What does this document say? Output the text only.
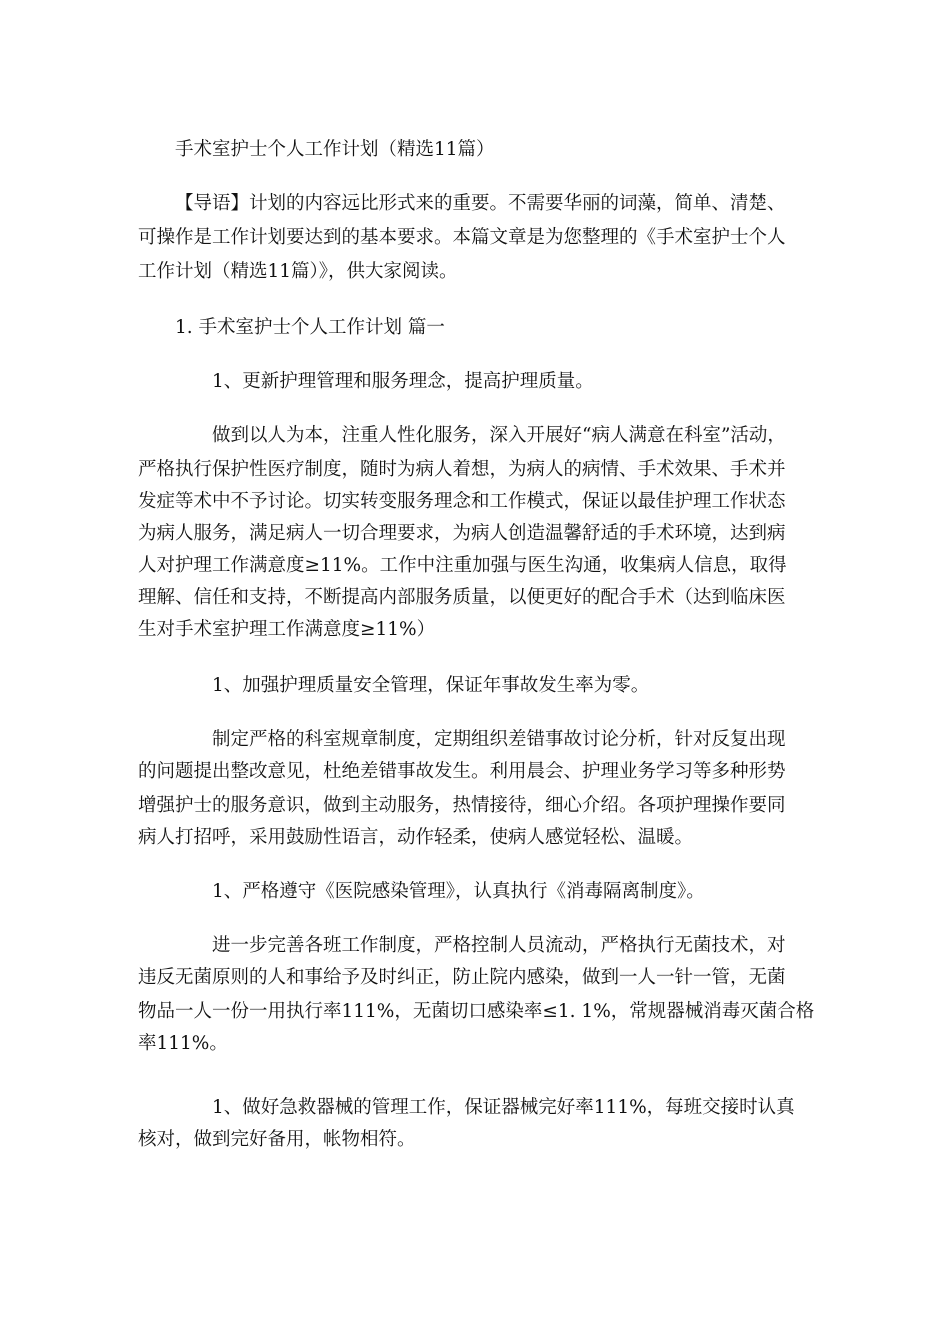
手术室护士个人工作计划（精选11篇）
【导语】计划的内容远比形式来的重要。不需要华丽的词藻，简单、清楚、
可操作是工作计划要达到的基本要求。本篇文章是为您整理的《手术室护士个人
工作计划（精选11篇）》，供大家阅读。
1. 手术室护士个人工作计划 篇一
1、更新护理管理和服务理念，提高护理质量。
做到以人为本，注重人性化服务，深入开展好“病人满意在科室”活动，
严格执行保护性医疗制度，随时为病人着想，为病人的病情、手术效果、手术并
发症等术中不予讨论。切实转变服务理念和工作模式，保证以最佳护理工作状态
为病人服务，满足病人一切合理要求，为病人创造温馨舒适的手术环境，达到病
人对护理工作满意度≥11%。工作中注重加强与医生沟通，收集病人信息，取得
理解、信任和支持，不断提高内部服务质量，以便更好的配合手术（达到临床医
生对手术室护理工作满意度≥11%）
1、加强护理质量安全管理，保证年事故发生率为零。
制定严格的科室规章制度，定期组织差错事故讨论分析，针对反复出现
的问题提出整改意见，杜绝差错事故发生。利用晨会、护理业务学习等多种形势
增强护士的服务意识，做到主动服务，热情接待，细心介绍。各项护理操作要同
病人打招呼，采用鼓励性语言，动作轻柔，使病人感觉轻松、温暖。
1、严格遵守《医院感染管理》，认真执行《消毒隔离制度》。
进一步完善各班工作制度，严格控制人员流动，严格执行无菌技术，对
违反无菌原则的人和事给予及时纠正，防止院内感染，做到一人一针一管，无菌
物品一人一份一用执行率111%，无菌切口感染率≤1. 1%，常规器械消毒灭菌合格
率111%。
1、做好急救器械的管理工作，保证器械完好率111%，每班交接时认真
核对，做到完好备用，帐物相符。
